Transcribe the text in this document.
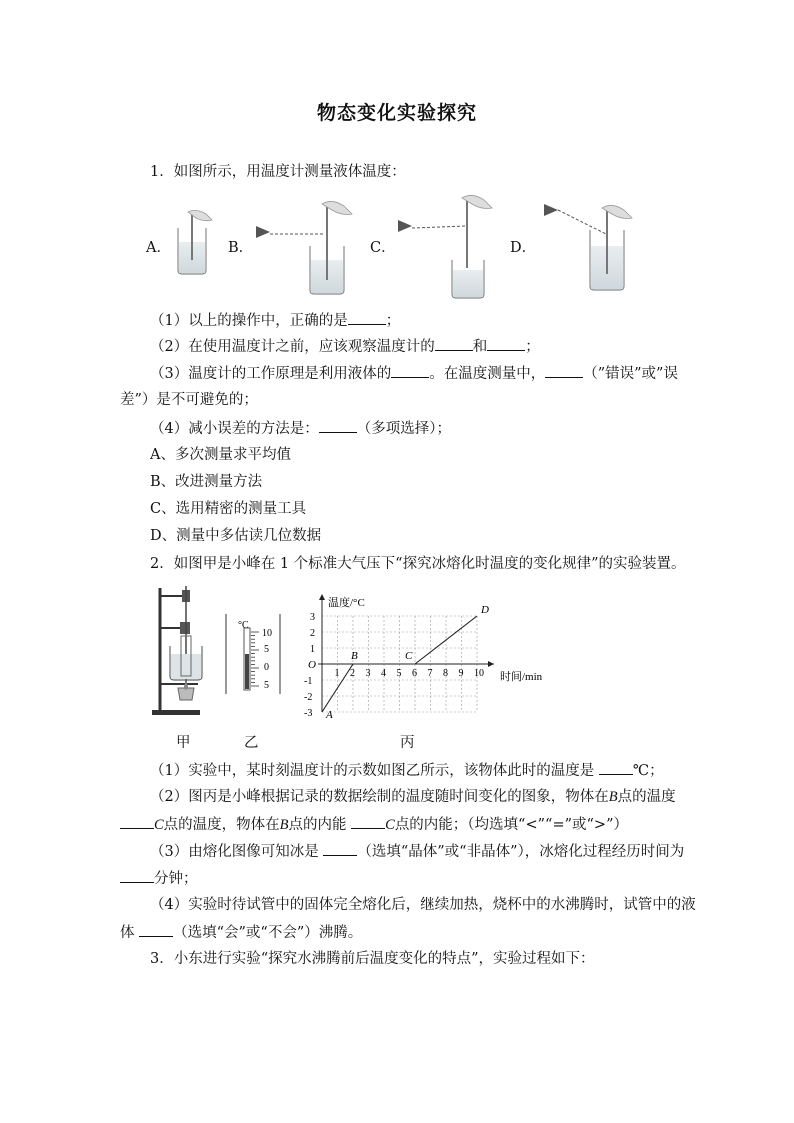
物态变化实验探究
1．如图所示，用温度计测量液体温度：
A．	B．	C．	D．
（1）以上的操作中，正确的是	；
（2）在使用温度计之前，应该观察温度计的	和	；
（3）温度计的工作原理是利用液体的	。在温度测量中，	（”错误”或”误
差”）是不可避免的；
（4）减小误差的方法是：	（多项选择）；
A、多次测量求平均值
B、改进测量方法
C、选用精密的测量工具
D、测量中多估读几位数据
2．如图甲是小峰在 1 个标准大气压下“探究冰熔化时温度的变化规律”的实验装置。
°C
10
5
0
5
温度/°C
时间/min
O
1 2 3 4 5 6 7 8 9 10
3
2
1
-1
-2
-3 A
B	C
D
甲	乙	丙
（1）实验中，某时刻温度计的示数如图乙所示，该物体此时的温度是	℃；
（2）图丙是小峰根据记录的数据绘制的温度随时间变化的图象，物体在B点的温度
C点的温度，物体在B点的内能	C点的内能；（均选填“<”“=”或“>”）
（3）由熔化图像可知冰是	（选填“晶体”或“非晶体”），冰熔化过程经历时间为
分钟；
（4）实验时待试管中的固体完全熔化后，继续加热，烧杯中的水沸腾时，试管中的液
体	（选填“会”或“不会”）沸腾。
3．小东进行实验“探究水沸腾前后温度变化的特点”，实验过程如下：
